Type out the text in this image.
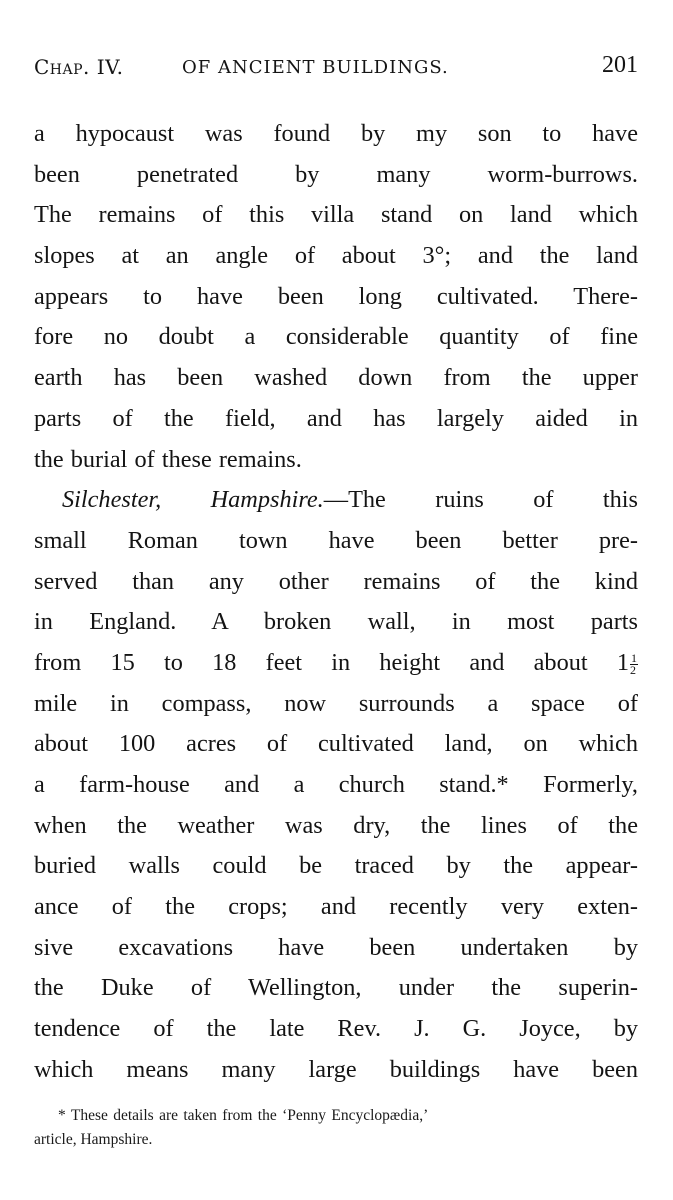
Chap. IV.	OF ANCIENT BUILDINGS.	201
a hypocaust was found by my son to have
been penetrated by many worm-burrows.
The remains of this villa stand on land which
slopes at an angle of about 3°; and the land
appears to have been long cultivated. There-
fore no doubt a considerable quantity of fine
earth has been washed down from the upper
parts of the field, and has largely aided in
the burial of these remains.
Silchester, Hampshire.—The ruins of this
small Roman town have been better pre-
served than any other remains of the kind
in England. A broken wall, in most parts
from 15 to 18 feet in height and about $1 \frac{1}{2}$
mile in compass, now surrounds a space of
about 100 acres of cultivated land, on which
a farm-house and a church stand.* Formerly,
when the weather was dry, the lines of the
buried walls could be traced by the appear-
ance of the crops; and recently very exten-
sive excavations have been undertaken by
the Duke of Wellington, under the superin-
tendence of the late Rev. J. G. Joyce, by
which means many large buildings have been
* These details are taken from the ‘Penny Encyclopædia,’
article, Hampshire.
